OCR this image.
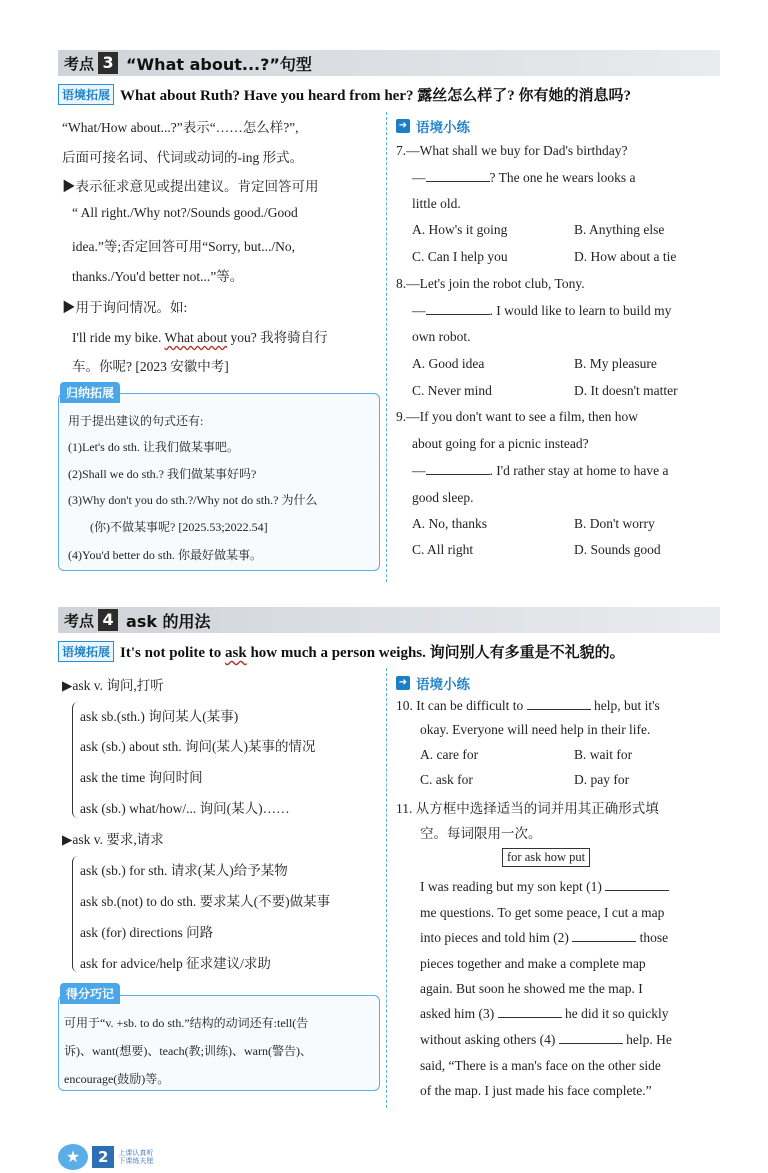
考点 3 “What about...?”句型
语境拓展 What about Ruth? Have you heard from her? 露丝怎么样了? 你有她的消息吗?
“What/How about...?”表示“……怎么样?”,
后面可接名词、代词或动词的-ing 形式。
▶表示征求意见或提出建议。肯定回答可用
“ All right./Why not?/Sounds good./Good
idea.”等;否定回答可用“Sorry, but.../No,
thanks./You'd better not...”等。
▶用于询问情况。如:
I'll ride my bike. What about you? 我将骑自行
车。你呢? [2023 安徽中考]
归纳拓展
用于提出建议的句式还有:
(1)Let's do sth. 让我们做某事吧。
(2)Shall we do sth.? 我们做某事好吗?
(3)Why don't you do sth.?/Why not do sth.? 为什么
(你)不做某事呢? [2025.53;2022.54]
(4)You'd better do sth. 你最好做某事。
➜ 语境小练
7.—What shall we buy for Dad's birthday?
—	? The one he wears looks a
little old.
A. How's it going	B. Anything else
C. Can I help you	D. How about a tie
8.—Let's join the robot club, Tony.
—	. I would like to learn to build my
own robot.
A. Good idea	B. My pleasure
C. Never mind	D. It doesn't matter
9.—If you don't want to see a film, then how
about going for a picnic instead?
—	. I'd rather stay at home to have a
good sleep.
A. No, thanks	B. Don't worry
C. All right	D. Sounds good
考点 4 ask 的用法
语境拓展 It's not polite to ask how much a person weighs. 询问别人有多重是不礼貌的。
▶ask v. 询问,打听
ask sb.(sth.) 询问某人(某事)
ask (sb.) about sth. 询问(某人)某事的情况
ask the time 询问时间
ask (sb.) what/how/... 询问(某人)……
▶ask v. 要求,请求
ask (sb.) for sth. 请求(某人)给予某物
ask sb.(not) to do sth. 要求某人(不要)做某事
ask (for) directions 问路
ask for advice/help 征求建议/求助
得分巧记
可用于“v. +sb. to do sth.”结构的动词还有:tell(告
诉)、want(想要)、teach(教;训练)、warn(警告)、
encourage(鼓励)等。
➜ 语境小练
10. It can be difficult to	help, but it's
okay. Everyone will need help in their life.
A. care for	B. wait for
C. ask for	D. pay for
11. 从方框中选择适当的词并用其正确形式填
空。每词限用一次。
for ask how put
I was reading but my son kept (1)
me questions. To get some peace, I cut a map
into pieces and told him (2)	those
pieces together and make a complete map
again. But soon he showed me the map. I
asked him (3)	he did it so quickly
without asking others (4)	help. He
said, “There is a man's face on the other side
of the map. I just made his face complete.”
★	2	上课认真听
下课练夫厘
